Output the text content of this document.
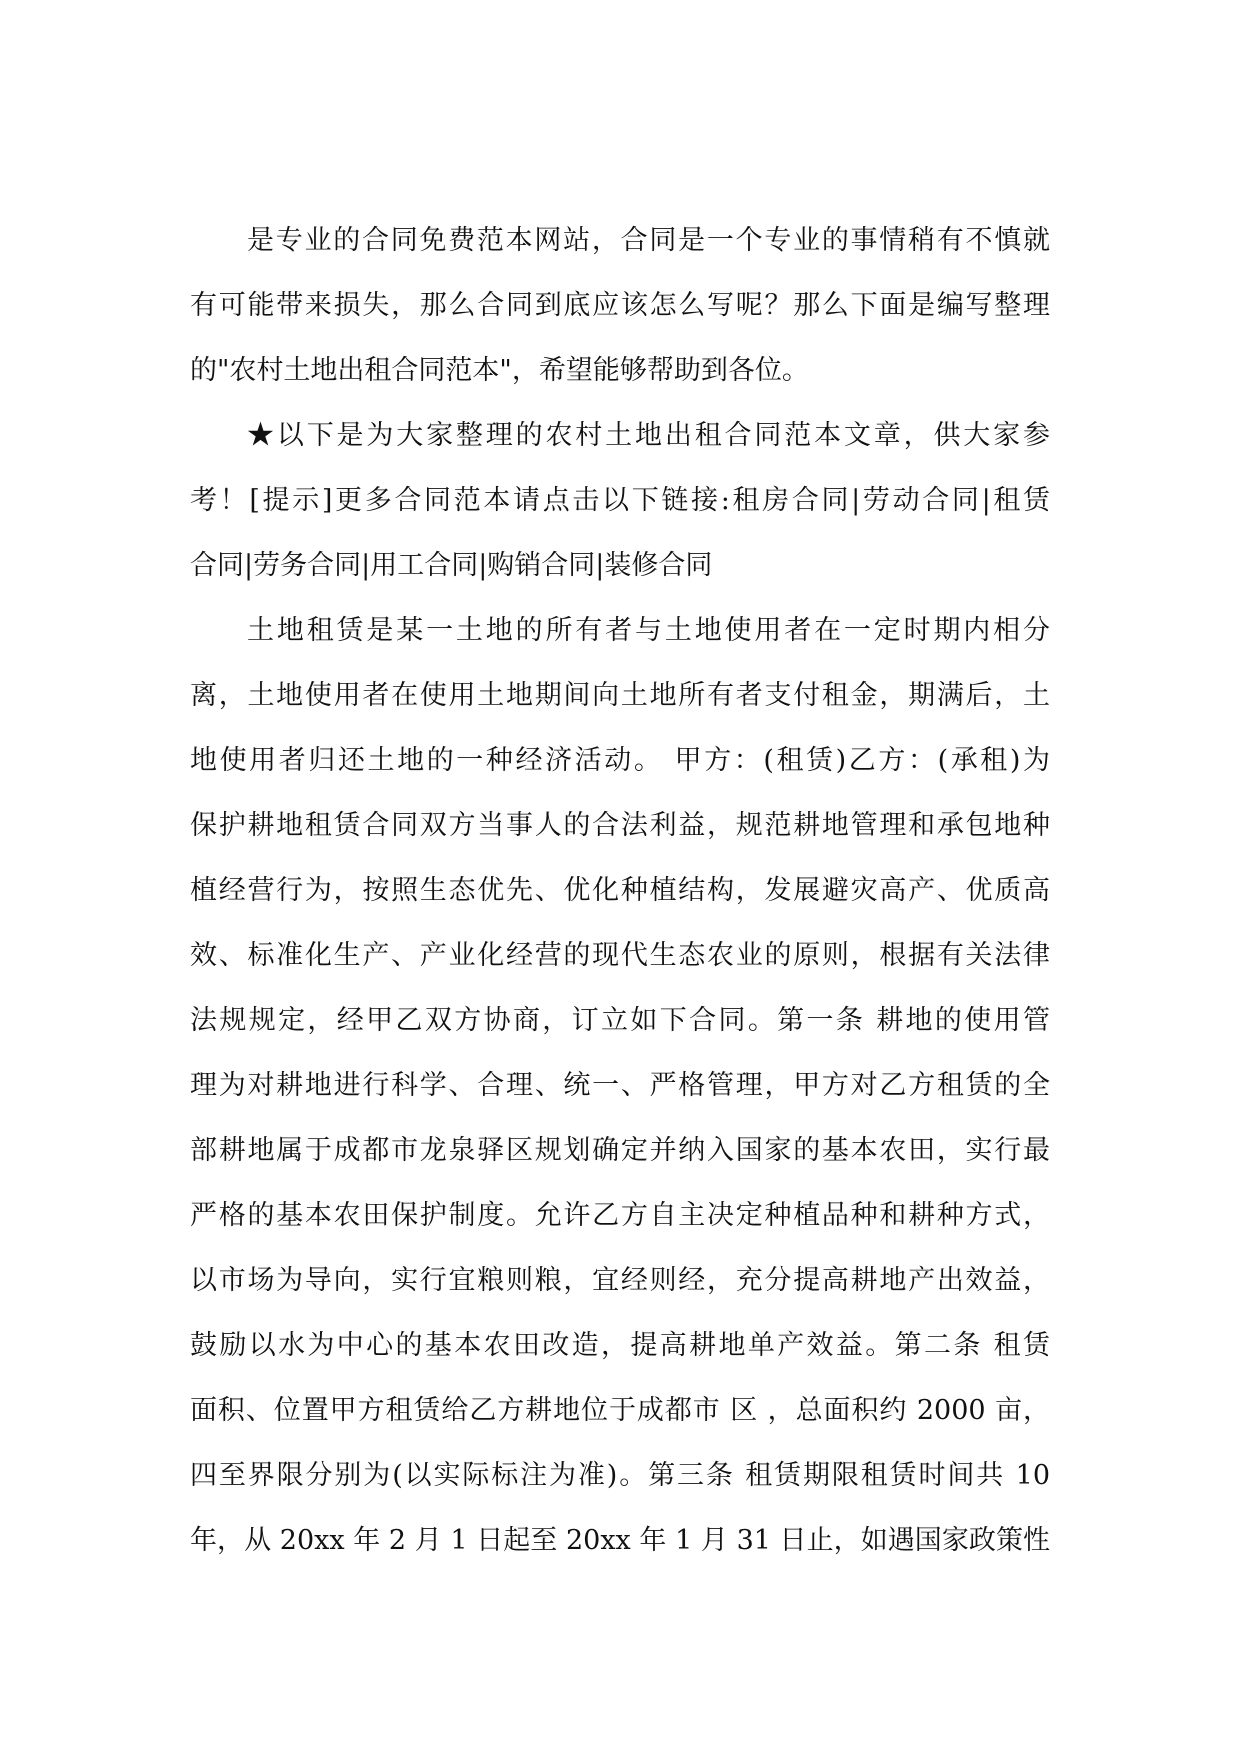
是专业的合同免费范本网站，合同是一个专业的事情稍有不慎就
有可能带来损失，那么合同到底应该怎么写呢？那么下面是编写整理
的"农村土地出租合同范本"，希望能够帮助到各位。
★以下是为大家整理的农村土地出租合同范本文章，供大家参
考！[提示]更多合同范本请点击以下链接:租房合同|劳动合同|租赁
合同|劳务合同|用工合同|购销合同|装修合同
土地租赁是某一土地的所有者与土地使用者在一定时期内相分
离，土地使用者在使用土地期间向土地所有者支付租金，期满后，土
地使用者归还土地的一种经济活动。 甲方：(租赁)乙方：(承租)为
保护耕地租赁合同双方当事人的合法利益，规范耕地管理和承包地种
植经营行为，按照生态优先、优化种植结构，发展避灾高产、优质高
效、标准化生产、产业化经营的现代生态农业的原则，根据有关法律
法规规定，经甲乙双方协商，订立如下合同。第一条 耕地的使用管
理为对耕地进行科学、合理、统一、严格管理，甲方对乙方租赁的全
部耕地属于成都市龙泉驿区规划确定并纳入国家的基本农田，实行最
严格的基本农田保护制度。允许乙方自主决定种植品种和耕种方式，
以市场为导向，实行宜粮则粮，宜经则经，充分提高耕地产出效益，
鼓励以水为中心的基本农田改造，提高耕地单产效益。第二条 租赁
面积、位置甲方租赁给乙方耕地位于成都市 区 ，总面积约 2000 亩，
四至界限分别为(以实际标注为准)。第三条 租赁期限租赁时间共 10
年，从 20xx 年 2 月 1 日起至 20xx 年 1 月 31 日止，如遇国家政策性
